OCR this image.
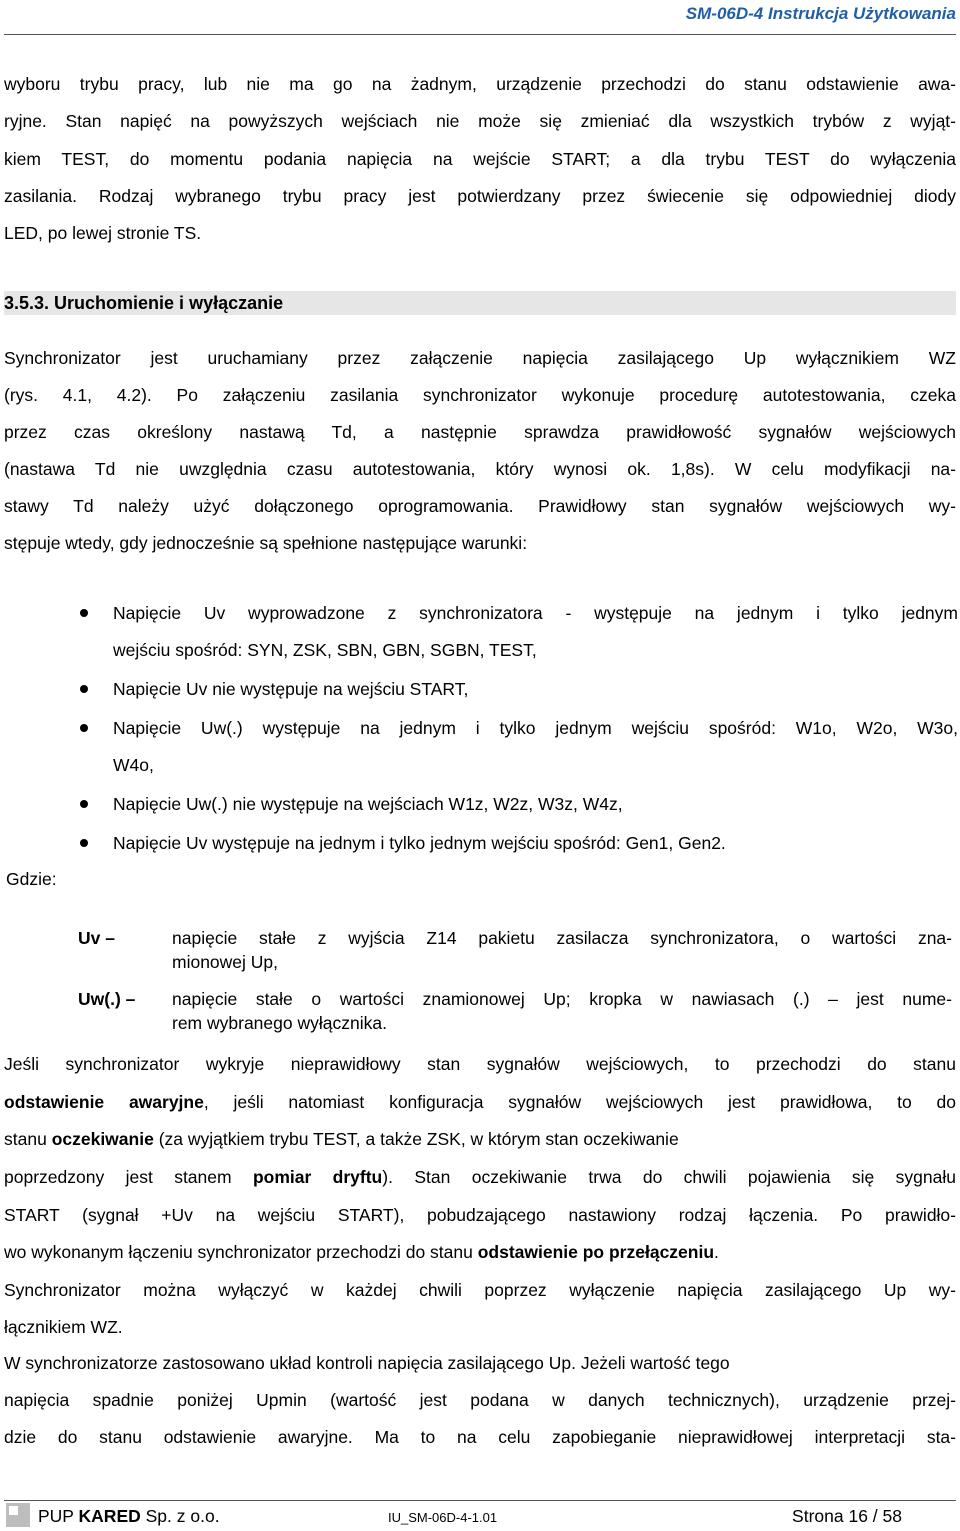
SM-06D-4 Instrukcja Użytkowania
wyboru trybu pracy, lub nie ma go na żadnym, urządzenie przechodzi do stanu odstawienie awa-
ryjne. Stan napięć na powyższych wejściach nie może się zmieniać dla wszystkich trybów z wyjąt-
kiem TEST, do momentu podania napięcia na wejście START; a dla trybu TEST do wyłączenia
zasilania. Rodzaj wybranego trybu pracy jest potwierdzany przez świecenie się odpowiedniej diody
LED, po lewej stronie TS.
3.5.3. Uruchomienie i wyłączanie
Synchronizator jest uruchamiany przez załączenie napięcia zasilającego Up wyłącznikiem WZ
(rys. 4.1, 4.2). Po załączeniu zasilania synchronizator wykonuje procedurę autotestowania, czeka
przez czas określony nastawą Td, a następnie sprawdza prawidłowość sygnałów wejściowych
(nastawa Td nie uwzględnia czasu autotestowania, który wynosi ok. 1,8s). W celu modyfikacji na-
stawy Td należy użyć dołączonego oprogramowania. Prawidłowy stan sygnałów wejściowych wy-
stępuje wtedy, gdy jednocześnie są spełnione następujące warunki:
Napięcie Uv wyprowadzone z synchronizatora - występuje na jednym i tylko jednym
wejściu spośród: SYN, ZSK, SBN, GBN, SGBN, TEST,
Napięcie Uv nie występuje na wejściu START,
Napięcie Uw(.) występuje na jednym i tylko jednym wejściu spośród: W1o, W2o, W3o,
W4o,
Napięcie Uw(.) nie występuje na wejściach W1z, W2z, W3z, W4z,
Napięcie Uv występuje na jednym i tylko jednym wejściu spośród: Gen1, Gen2.
Gdzie:
Uv –	napięcie stałe z wyjścia Z14 pakietu zasilacza synchronizatora, o wartości zna-
mionowej Up,
Uw(.) – napięcie stałe o wartości znamionowej Up; kropka w nawiasach (.) – jest nume-
rem wybranego wyłącznika.
Jeśli synchronizator wykryje nieprawidłowy stan sygnałów wejściowych, to przechodzi do stanu
odstawienie awaryjne, jeśli natomiast konfiguracja sygnałów wejściowych jest prawidłowa, to do
stanu oczekiwanie (za wyjątkiem trybu TEST, a także ZSK, w którym stan oczekiwanie
poprzedzony jest stanem pomiar dryftu). Stan oczekiwanie trwa do chwili pojawienia się sygnału
START (sygnał +Uv na wejściu START), pobudzającego nastawiony rodzaj łączenia. Po prawidło-
wo wykonanym łączeniu synchronizator przechodzi do stanu odstawienie po przełączeniu.
Synchronizator można wyłączyć w każdej chwili poprzez wyłączenie napięcia zasilającego Up wy-
łącznikiem WZ.
W synchronizatorze zastosowano układ kontroli napięcia zasilającego Up. Jeżeli wartość tego
napięcia spadnie poniżej Upmin (wartość jest podana w danych technicznych), urządzenie przej-
dzie do stanu odstawienie awaryjne. Ma to na celu zapobieganie nieprawidłowej interpretacji sta-
PUP KARED Sp. z o.o.	IU_SM-06D-4-1.01	Strona 16 / 58
